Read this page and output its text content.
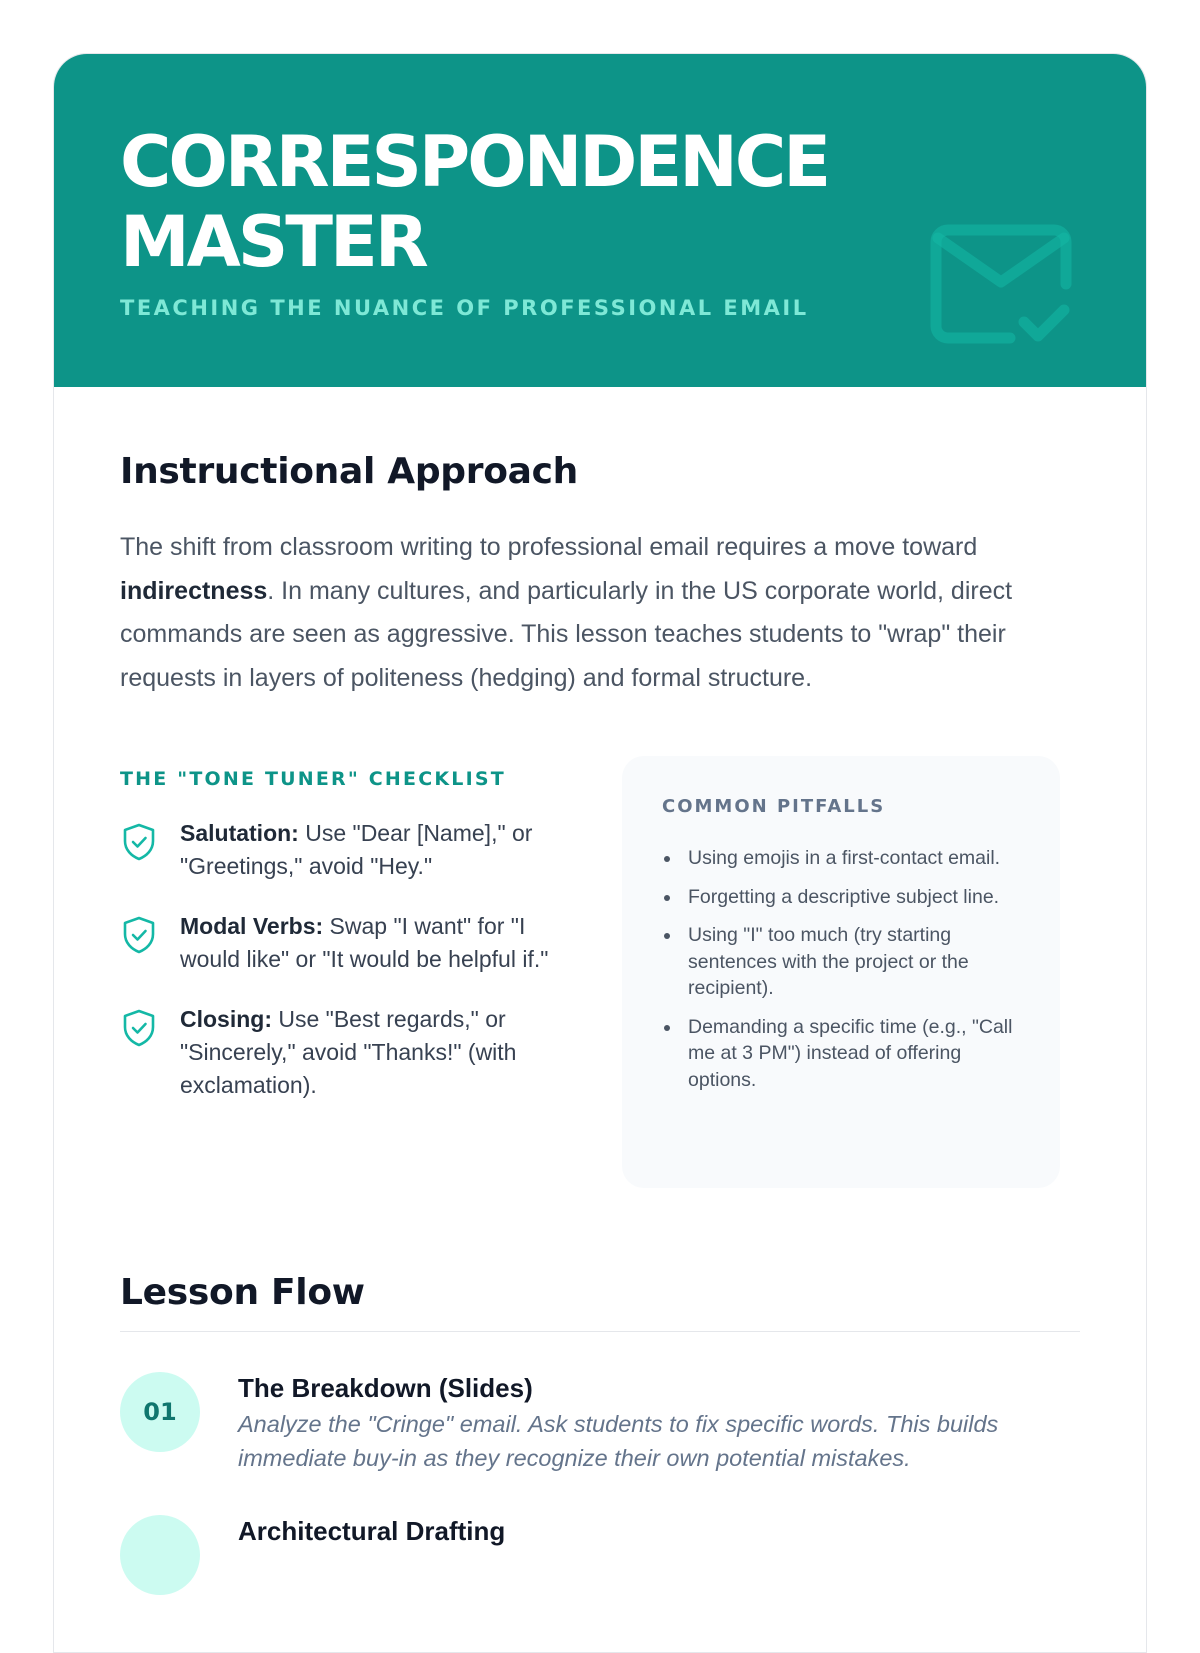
CORRESPONDENCE MASTER
TEACHING THE NUANCE OF PROFESSIONAL EMAIL
Instructional Approach

The shift from classroom writing to professional email requires a move toward indirectness. In many cultures, and particularly in the US corporate world, direct commands are seen as aggressive. This lesson teaches students to "wrap" their requests in layers of politeness (hedging) and formal structure.

THE "TONE TUNER" CHECKLIST

Salutation: Use "Dear [Name]," or "Greetings," avoid "Hey."

Modal Verbs: Swap "I want" for "I would like" or "It would be helpful if."

Closing: Use "Best regards," or "Sincerely," avoid "Thanks!" (with exclamation).

COMMON PITFALLS
Using emojis in a first-contact email.
Forgetting a descriptive subject line.
Using "I" too much (try starting sentences with the project or the recipient).
Demanding a specific time (e.g., "Call me at 3 PM") instead of offering options.
Lesson Flow
01
The Breakdown (Slides)
Analyze the "Cringe" email. Ask students to fix specific words. This builds immediate buy-in as they recognize their own potential mistakes.
Architectural Drafting
